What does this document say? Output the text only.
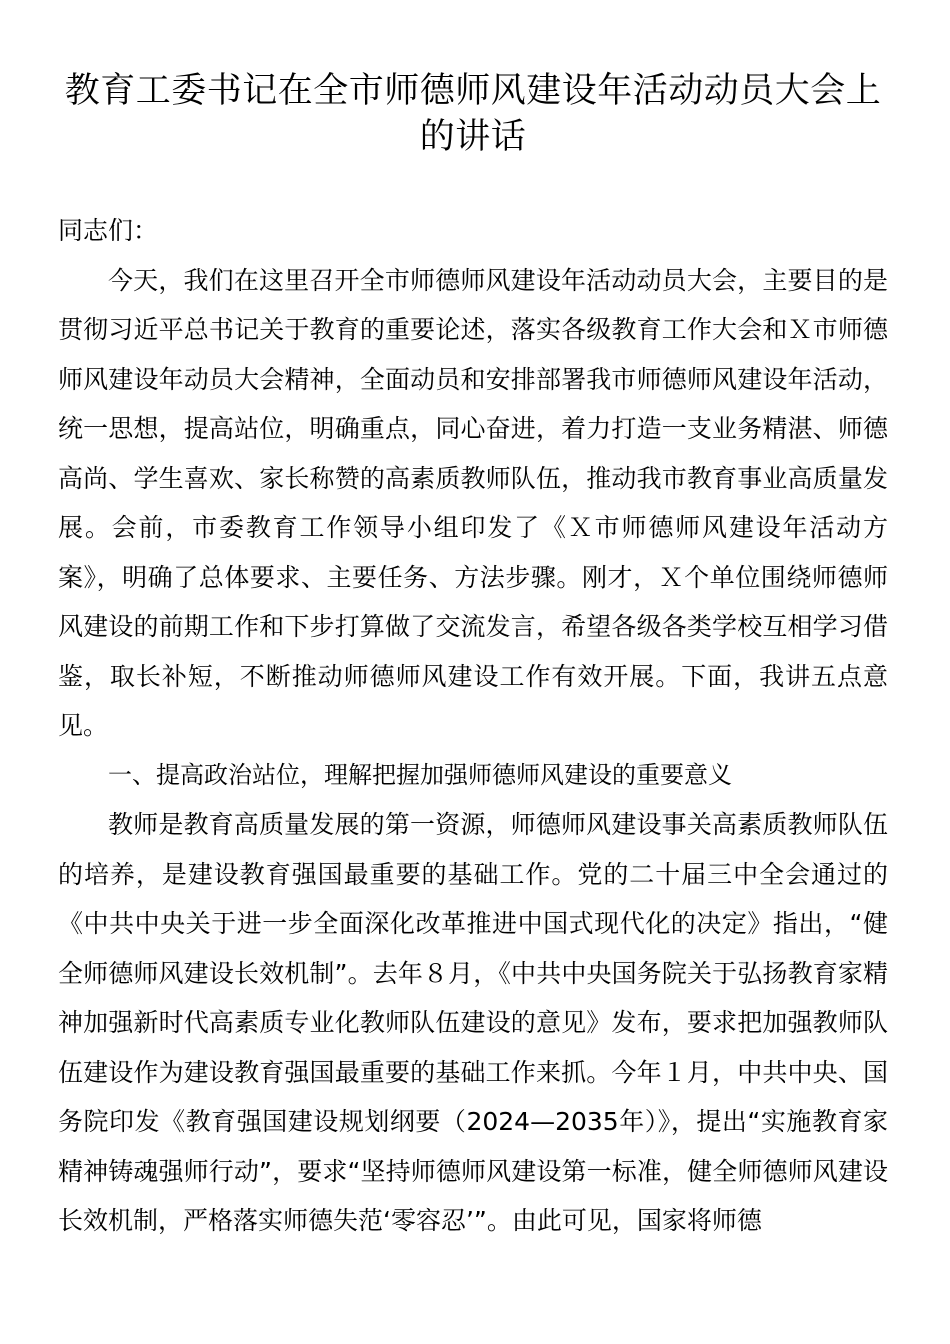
教育工委书记在全市师德师风建设年活动动员大会上的讲话

同志们：

今天，我们在这里召开全市师德师风建设年活动动员大会，主要目的是贯彻习近平总书记关于教育的重要论述，落实各级教育工作大会和Ｘ市师德师风建设年动员大会精神，全面动员和安排部署我市师德师风建设年活动，统一思想，提高站位，明确重点，同心奋进，着力打造一支业务精湛、师德高尚、学生喜欢、家长称赞的高素质教师队伍，推动我市教育事业高质量发展。会前，市委教育工作领导小组印发了《Ｘ市师德师风建设年活动方案》，明确了总体要求、主要任务、方法步骤。刚才，Ｘ个单位围绕师德师风建设的前期工作和下步打算做了交流发言，希望各级各类学校互相学习借鉴，取长补短，不断推动师德师风建设工作有效开展。下面，我讲五点意见。

一、提高政治站位，理解把握加强师德师风建设的重要意义

教师是教育高质量发展的第一资源，师德师风建设事关高素质教师队伍的培养，是建设教育强国最重要的基础工作。党的二十届三中全会通过的《中共中央关于进一步全面深化改革推进中国式现代化的决定》指出，“健全师德师风建设长效机制”。去年８月，《中共中央国务院关于弘扬教育家精神加强新时代高素质专业化教师队伍建设的意见》发布，要求把加强教师队伍建设作为建设教育强国最重要的基础工作来抓。今年１月，中共中央、国务院印发《教育强国建设规划纲要（2024—2035年）》，提出“实施教育家精神铸魂强师行动”，要求“坚持师德师风建设第一标准，健全师德师风建设长效机制，严格落实师德失范‘零容忍’”。由此可见，国家将师德
